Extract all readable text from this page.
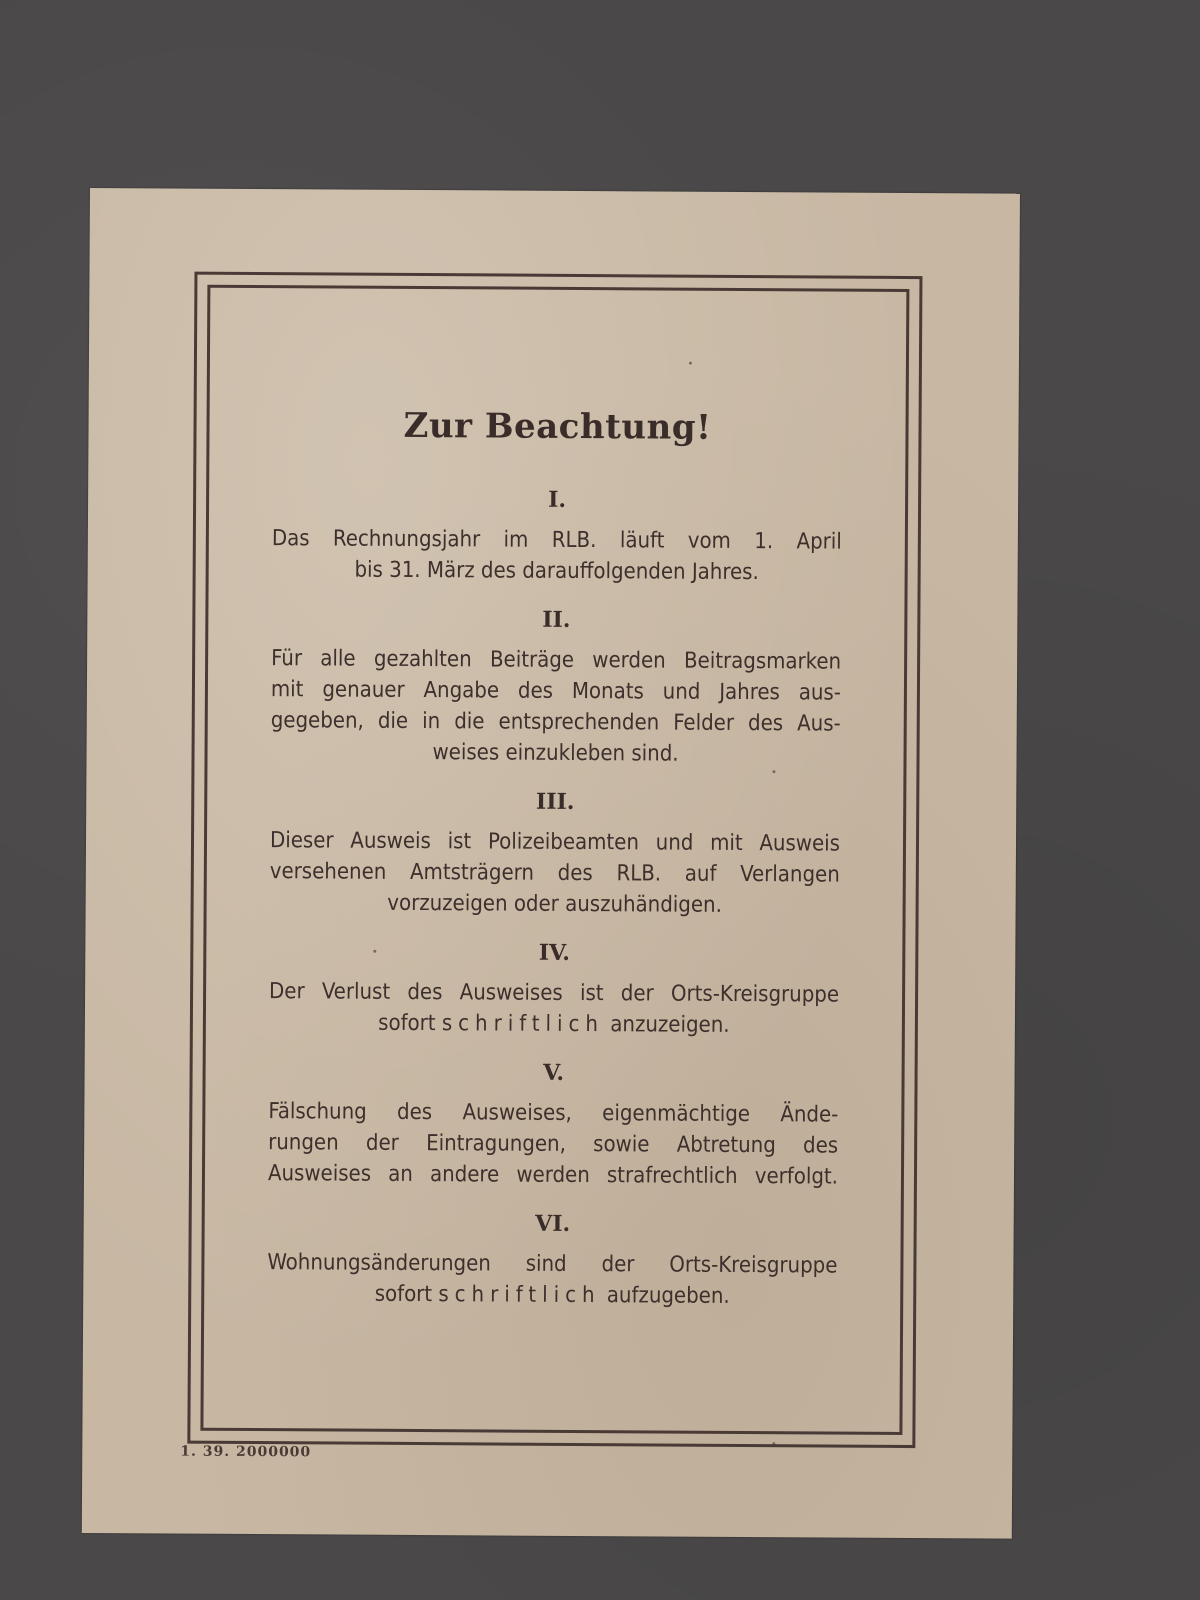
Zur Beachtung!
I.
Das Rechnungsjahr im RLB. läuft vom 1. April
bis 31. März des darauffolgenden Jahres.
II.
Für alle gezahlten Beiträge werden Beitragsmarken
mit genauer Angabe des Monats und Jahres aus-
gegeben, die in die entsprechenden Felder des Aus-
weises einzukleben sind.
III.
Dieser Ausweis ist Polizeibeamten und mit Ausweis
versehenen Amtsträgern des RLB. auf Verlangen
vorzuzeigen oder auszuhändigen.
IV.
Der Verlust des Ausweises ist der Orts-Kreisgruppe
sofort schriftlich anzuzeigen.
V.
Fälschung des Ausweises, eigenmächtige Ände-
rungen der Eintragungen, sowie Abtretung des
Ausweises an andere werden strafrechtlich verfolgt.
VI.
Wohnungsänderungen sind der Orts-Kreisgruppe
sofort schriftlich aufzugeben.
1. 39. 2000000
